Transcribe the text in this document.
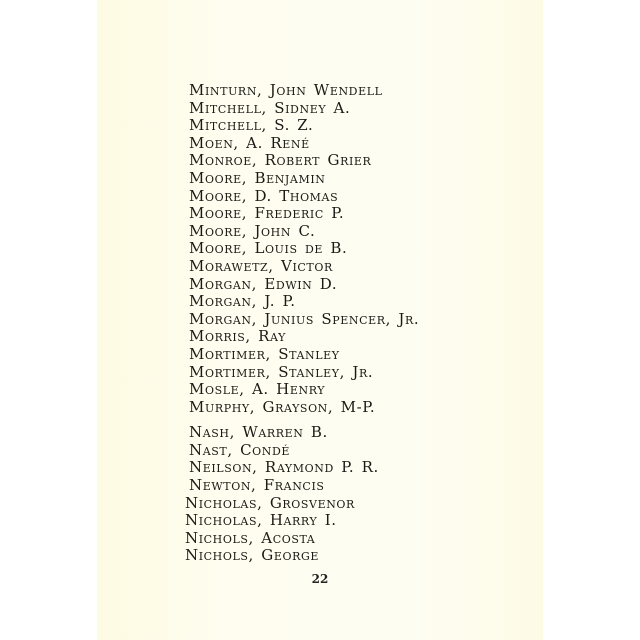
Minturn, John Wendell
Mitchell, Sidney A.
Mitchell, S. Z.
Moen, A. René
Monroe, Robert Grier
Moore, Benjamin
Moore, D. Thomas
Moore, Frederic P.
Moore, John C.
Moore, Louis de B.
Morawetz, Victor
Morgan, Edwin D.
Morgan, J. P.
Morgan, Junius Spencer, Jr.
Morris, Ray
Mortimer, Stanley
Mortimer, Stanley, Jr.
Mosle, A. Henry
Murphy, Grayson, M-P.
Nash, Warren B.
Nast, Condé
Neilson, Raymond P. R.
Newton, Francis
Nicholas, Grosvenor
Nicholas, Harry I.
Nichols, Acosta
Nichols, George
22
